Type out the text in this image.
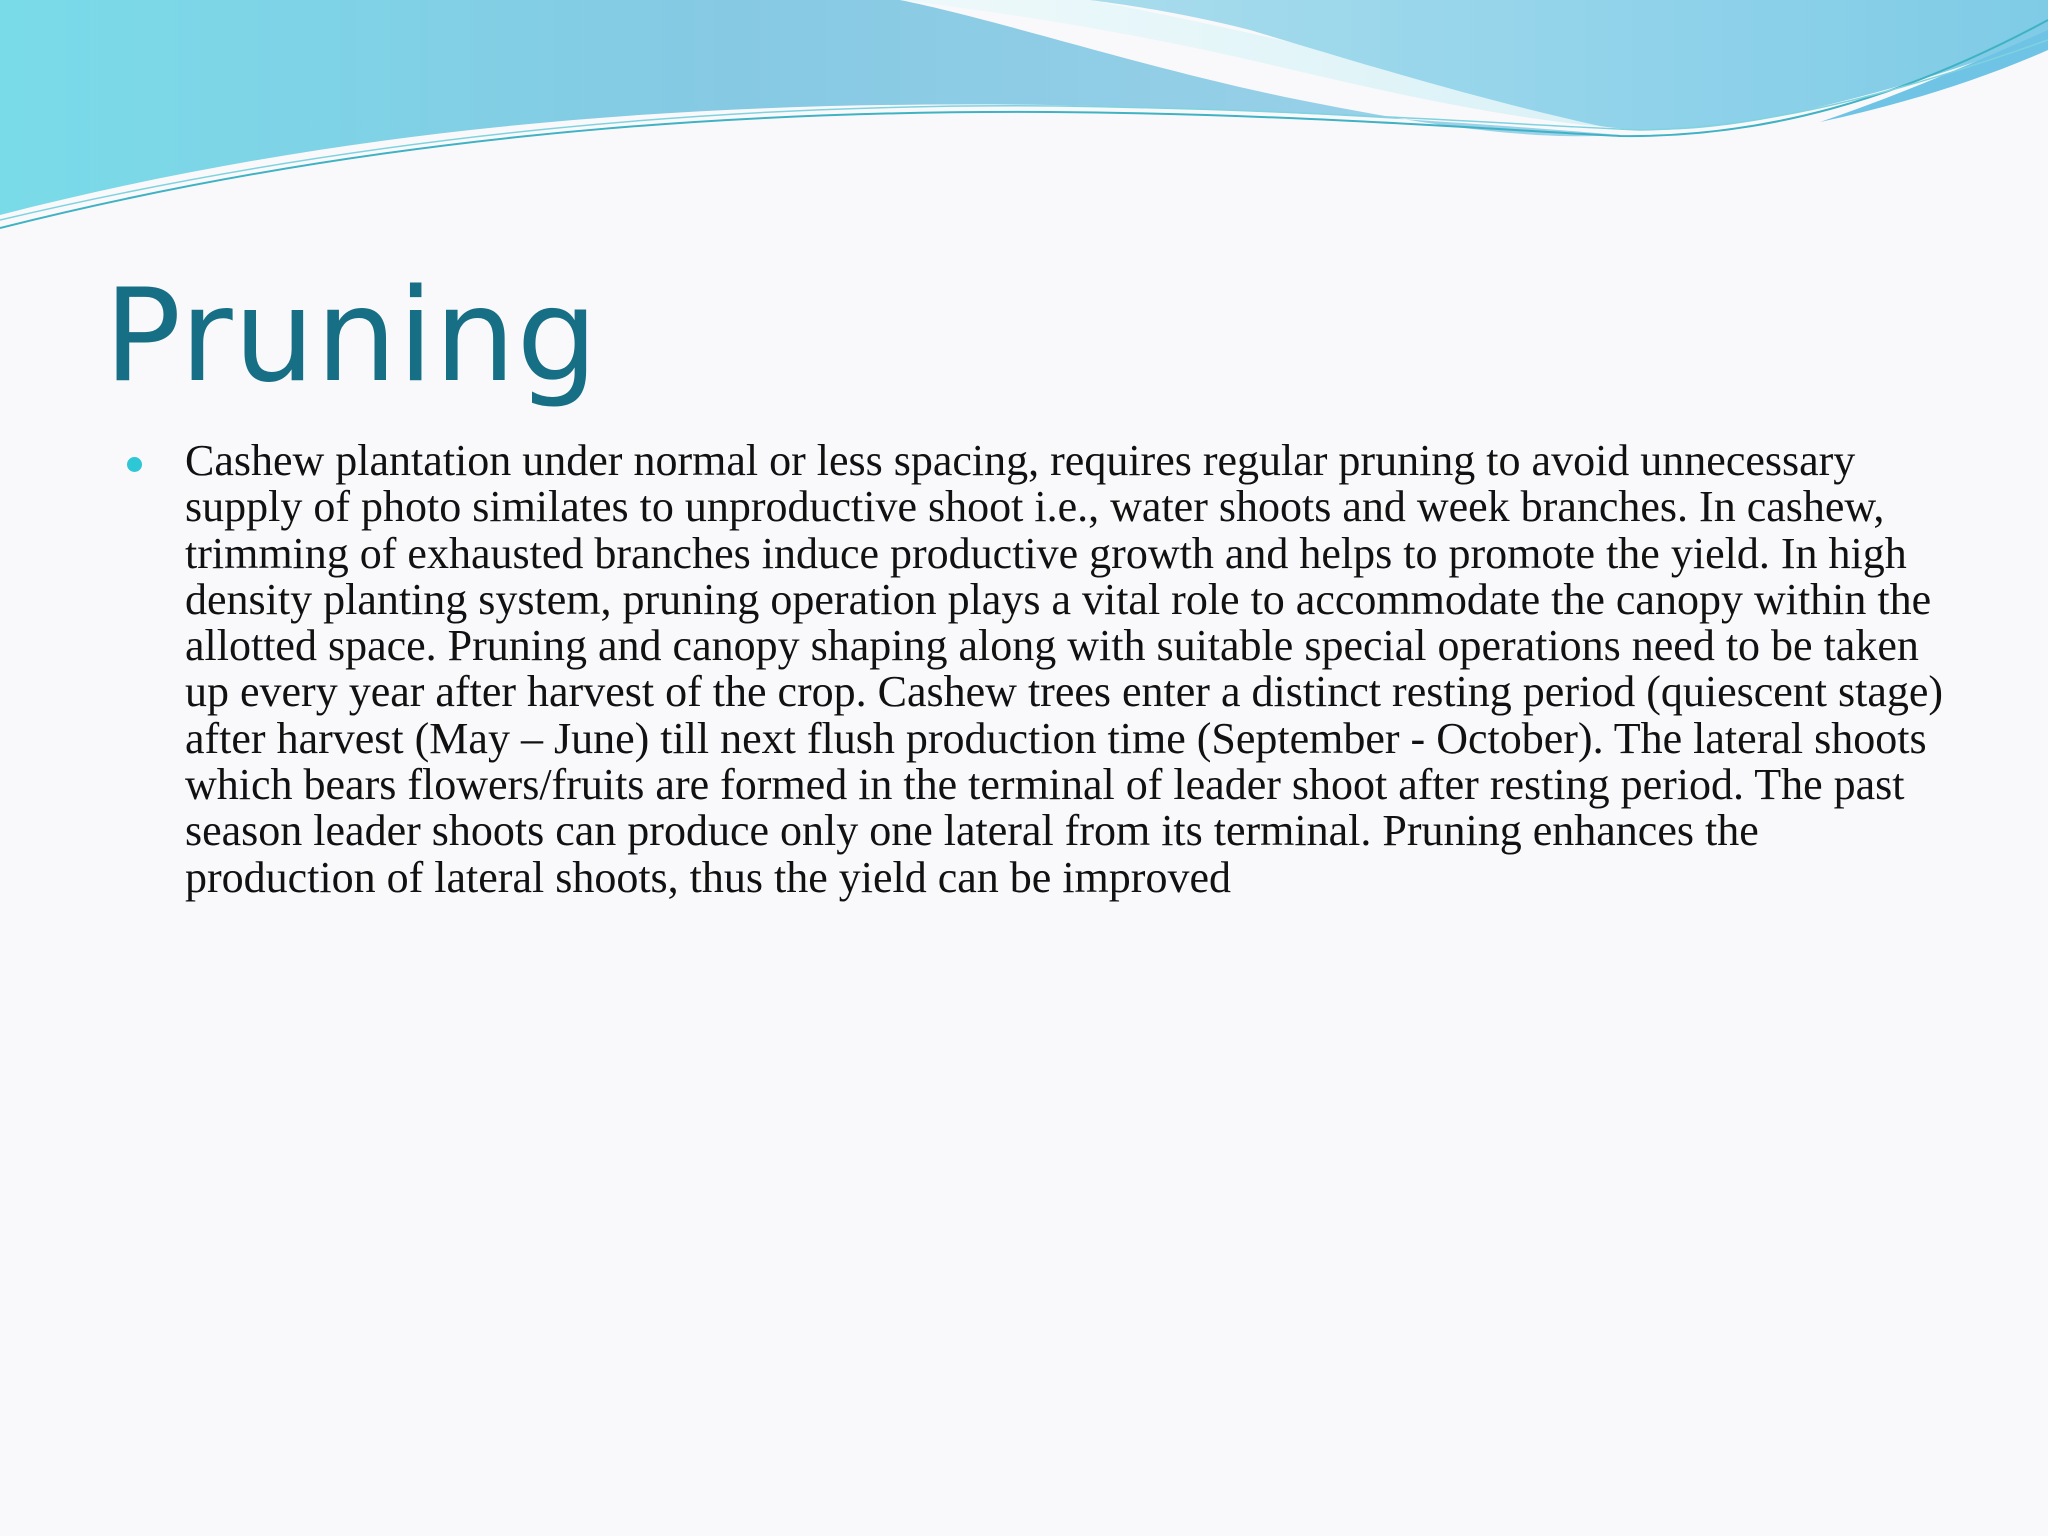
Pruning
Cashew plantation under normal or less spacing, requires regular pruning to avoid unnecessary supply of photo similates to unproductive shoot i.e., water shoots and week branches. In cashew, trimming of exhausted branches induce productive growth and helps to promote the yield. In high density planting system, pruning operation plays a vital role to accommodate the canopy within the allotted space. Pruning and canopy shaping along with suitable special operations need to be taken up every year after harvest of the crop. Cashew trees enter a distinct resting period (quiescent stage) after harvest (May – June) till next flush production time (September - October). The lateral shoots which bears flowers/fruits are formed in the terminal of leader shoot after resting period. The past season leader shoots can produce only one lateral from its terminal. Pruning enhances the production of lateral shoots, thus the yield can be improved
